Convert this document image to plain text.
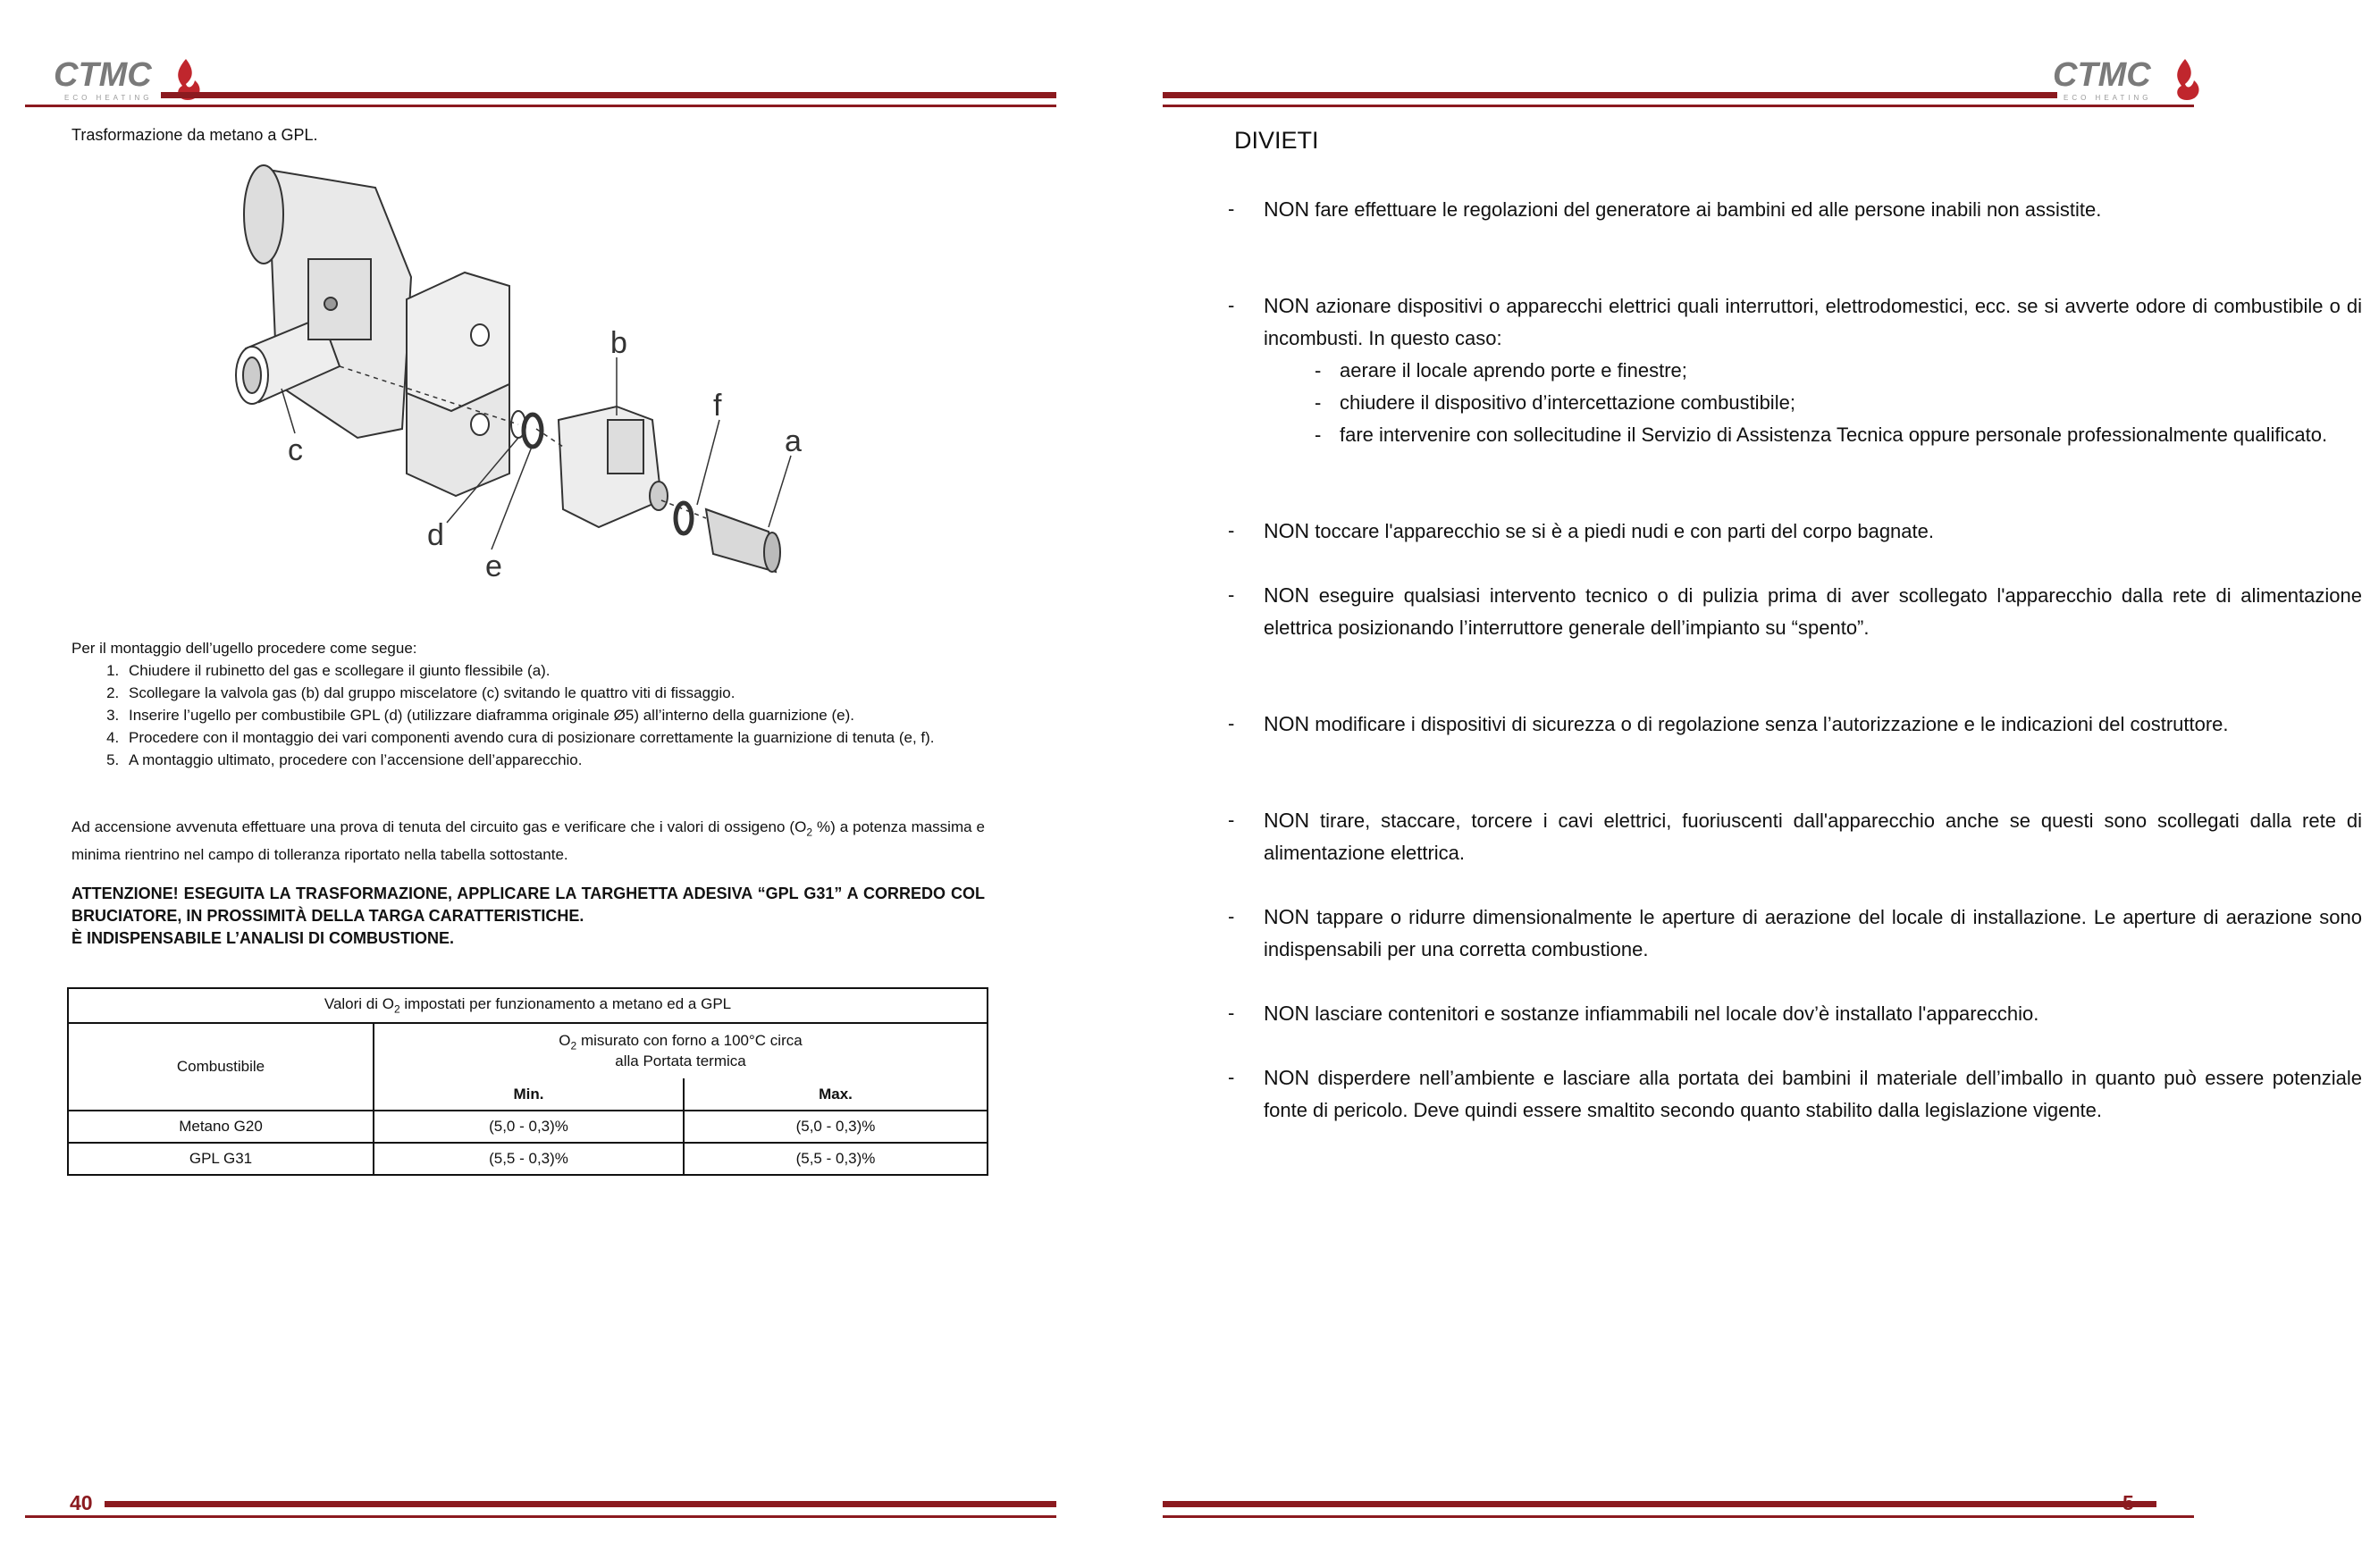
CTMC
ECO HEATING
Trasformazione da metano a GPL.
b
f
a
c
d
e
Per il montaggio dell’ugello procedere come segue:
1. Chiudere il rubinetto del gas e scollegare il giunto flessibile (a).
2. Scollegare la valvola gas (b) dal gruppo miscelatore (c) svitando le quattro viti di fissaggio.
3. Inserire l’ugello per combustibile GPL (d) (utilizzare diaframma originale Ø5) all’interno della guarnizione (e).
4. Procedere con il montaggio dei vari componenti avendo cura di posizionare correttamente la guarnizione di tenuta (e, f).
5. A montaggio ultimato, procedere con l’accensione dell’apparecchio.
Ad accensione avvenuta effettuare una prova di tenuta del circuito gas e verificare che i valori di ossigeno ($O_2$ %) a potenza massima e minima rientrino nel campo di tolleranza riportato nella tabella sottostante.
ATTENZIONE! ESEGUITA LA TRASFORMAZIONE, APPLICARE LA TARGHETTA ADESIVA “GPL G31” A CORREDO COL BRUCIATORE, IN PROSSIMITÀ DELLA TARGA CARATTERISTICHE.
È INDISPENSABILE L’ANALISI DI COMBUSTIONE.
Valori di $O_2$ impostati per funzionamento a metano ed a GPL		
Combustibile	$O_2$ misurato con forno a 100°C circa
alla Portata termica	
	Min.	Max.
Metano G20	(5,0 - 0,3)%	(5,0 - 0,3)%
GPL G31	(5,5 - 0,3)%	(5,5 - 0,3)%
40
CTMC
ECO HEATING
DIVIETI
- NON fare effettuare le regolazioni del generatore ai bambini ed alle persone inabili non assistite.
- NON azionare dispositivi o apparecchi elettrici quali interruttori, elettrodomestici, ecc. se si avverte odore di combustibile o di incombusti. In questo caso:
- aerare il locale aprendo porte e finestre;
- chiudere il dispositivo d’intercettazione combustibile;
- fare intervenire con sollecitudine il Servizio di Assistenza Tecnica oppure personale professionalmente qualificato.
- NON toccare l'apparecchio se si è a piedi nudi e con parti del corpo bagnate.
- NON eseguire qualsiasi intervento tecnico o di pulizia prima di aver scollegato l'apparecchio dalla rete di alimentazione elettrica posizionando l’interruttore generale dell’impianto su “spento”.
- NON modificare i dispositivi di sicurezza o di regolazione senza l’autorizzazione e le indicazioni del costruttore.
- NON tirare, staccare, torcere i cavi elettrici, fuoriuscenti dall'apparecchio anche se questi sono scollegati dalla rete di alimentazione elettrica.
- NON tappare o ridurre dimensionalmente le aperture di aerazione del locale di installazione. Le aperture di aerazione sono indispensabili per una corretta combustione.
- NON lasciare contenitori e sostanze infiammabili nel locale dov’è installato l'apparecchio.
- NON disperdere nell’ambiente e lasciare alla portata dei bambini il materiale dell’imballo in quanto può essere potenziale fonte di pericolo. Deve quindi essere smaltito secondo quanto stabilito dalla legislazione vigente.
5
